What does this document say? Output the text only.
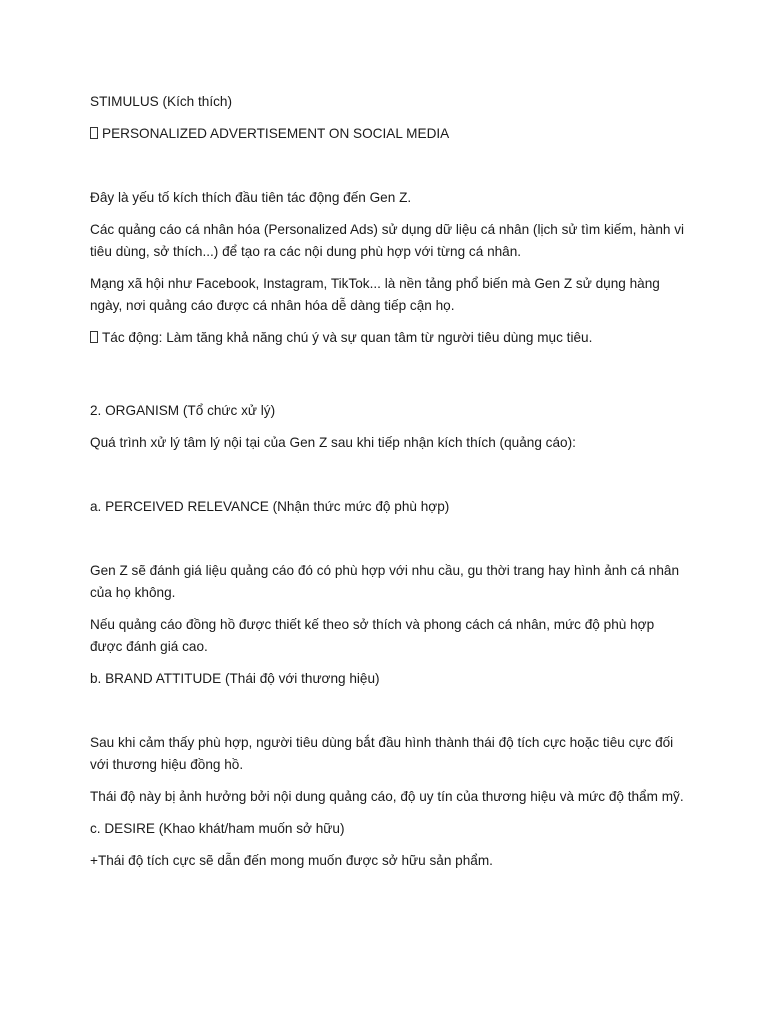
STIMULUS (Kích thích)

PERSONALIZED ADVERTISEMENT ON SOCIAL MEDIA

Đây là yếu tố kích thích đầu tiên tác động đến Gen Z.

Các quảng cáo cá nhân hóa (Personalized Ads) sử dụng dữ liệu cá nhân (lịch sử tìm kiếm, hành vi tiêu dùng, sở thích...) để tạo ra các nội dung phù hợp với từng cá nhân.

Mạng xã hội như Facebook, Instagram, TikTok... là nền tảng phổ biến mà Gen Z sử dụng hàng ngày, nơi quảng cáo được cá nhân hóa dễ dàng tiếp cận họ.

Tác động: Làm tăng khả năng chú ý và sự quan tâm từ người tiêu dùng mục tiêu.

2. ORGANISM (Tổ chức xử lý)

Quá trình xử lý tâm lý nội tại của Gen Z sau khi tiếp nhận kích thích (quảng cáo):

a. PERCEIVED RELEVANCE (Nhận thức mức độ phù hợp)

Gen Z sẽ đánh giá liệu quảng cáo đó có phù hợp với nhu cầu, gu thời trang hay hình ảnh cá nhân của họ không.

Nếu quảng cáo đồng hồ được thiết kế theo sở thích và phong cách cá nhân, mức độ phù hợp được đánh giá cao.

b. BRAND ATTITUDE (Thái độ với thương hiệu)

Sau khi cảm thấy phù hợp, người tiêu dùng bắt đầu hình thành thái độ tích cực hoặc tiêu cực đối với thương hiệu đồng hồ.

Thái độ này bị ảnh hưởng bởi nội dung quảng cáo, độ uy tín của thương hiệu và mức độ thẩm mỹ.

c. DESIRE (Khao khát/ham muốn sở hữu)

+Thái độ tích cực sẽ dẫn đến mong muốn được sở hữu sản phẩm.
